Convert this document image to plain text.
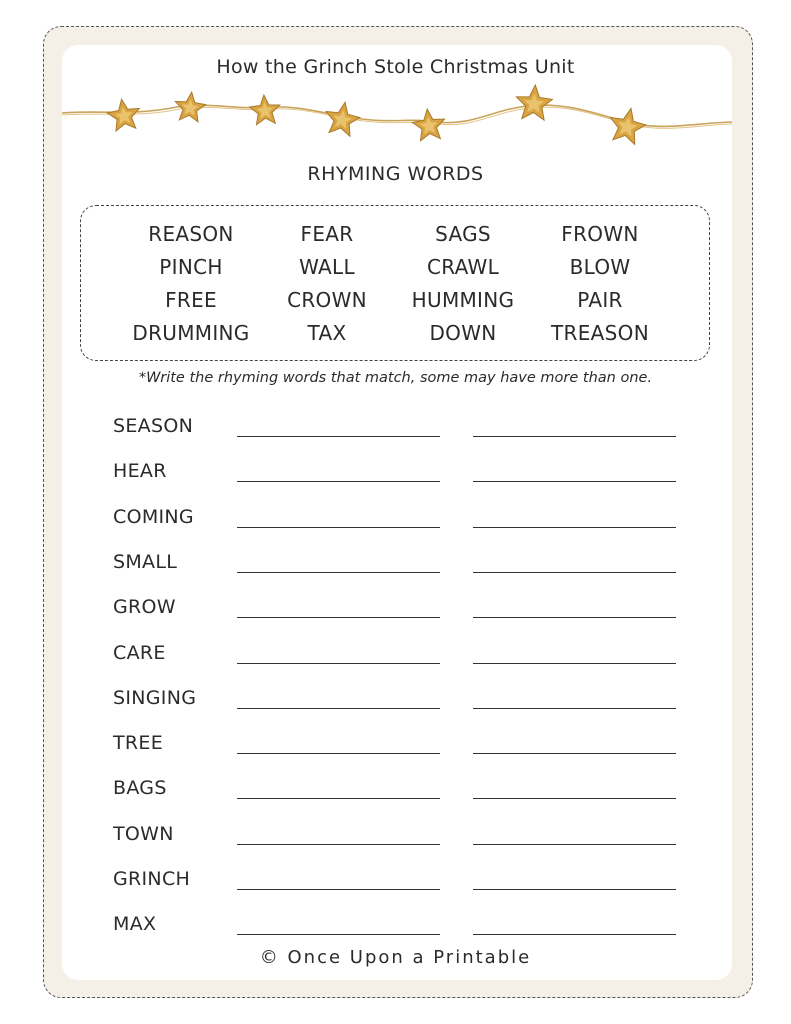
How the Grinch Stole Christmas Unit
RHYMING WORDS
REASON
PINCH
FREE
DRUMMING
FEAR
WALL
CROWN
TAX
SAGS
CRAWL
HUMMING
DOWN
FROWN
BLOW
PAIR
TREASON
*Write the rhyming words that match, some may have more than one.
SEASON
HEAR
COMING
SMALL
GROW
CARE
SINGING
TREE
BAGS
TOWN
GRINCH
MAX
© Once Upon a Printable
